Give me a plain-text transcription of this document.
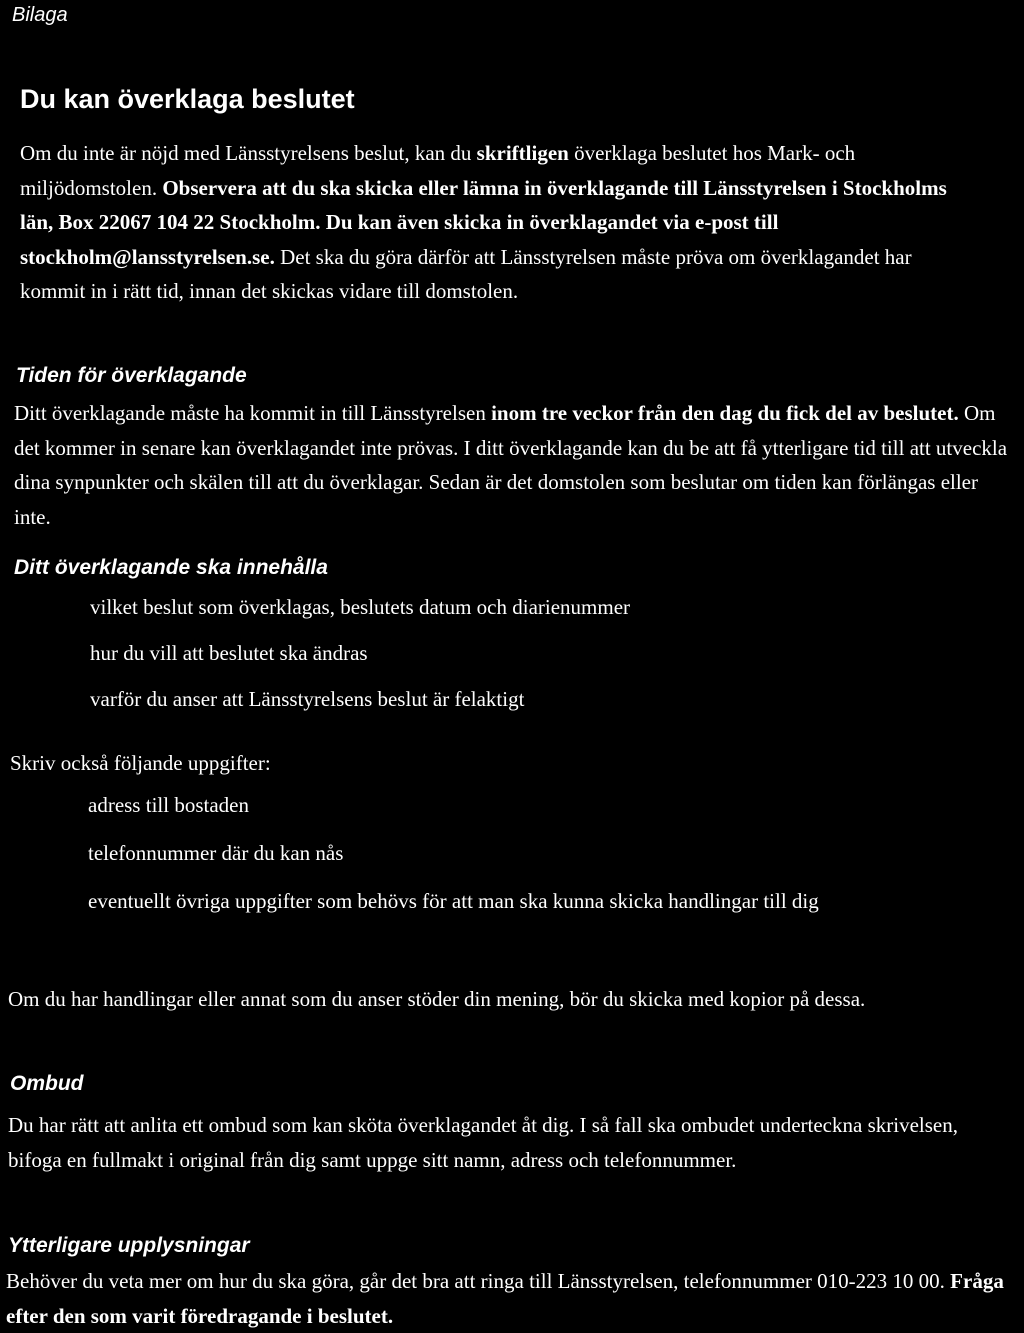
Bilaga
Du kan överklaga beslutet

Om du inte är nöjd med Länsstyrelsens beslut, kan du skriftligen överklaga beslutet hos Mark- och miljödomstolen. Observera att du ska skicka eller lämna in överklagande till Länsstyrelsen i Stockholms län, Box 22067 104 22 Stockholm. Du kan även skicka in överklagandet via e-post till stockholm@lansstyrelsen.se. Det ska du göra därför att Länsstyrelsen måste pröva om överklagandet har kommit in i rätt tid, innan det skickas vidare till domstolen.

Tiden för överklagande

Ditt överklagande måste ha kommit in till Länsstyrelsen inom tre veckor från den dag du fick del av beslutet. Om det kommer in senare kan överklagandet inte prövas. I ditt överklagande kan du be att få ytterligare tid till att utveckla dina synpunkter och skälen till att du överklagar. Sedan är det domstolen som beslutar om tiden kan förlängas eller inte.

Ditt överklagande ska innehålla
vilket beslut som överklagas, beslutets datum och diarienummer
hur du vill att beslutet ska ändras
varför du anser att Länsstyrelsens beslut är felaktigt
Skriv också följande uppgifter:
adress till bostaden
telefonnummer där du kan nås
eventuellt övriga uppgifter som behövs för att man ska kunna skicka handlingar till dig

Om du har handlingar eller annat som du anser stöder din mening, bör du skicka med kopior på dessa.

Ombud

Du har rätt att anlita ett ombud som kan sköta överklagandet åt dig. I så fall ska ombudet underteckna skrivelsen, bifoga en fullmakt i original från dig samt uppge sitt namn, adress och telefonnummer.

Ytterligare upplysningar

Behöver du veta mer om hur du ska göra, går det bra att ringa till Länsstyrelsen, telefonnummer 010-223 10 00. Fråga efter den som varit föredragande i beslutet.
